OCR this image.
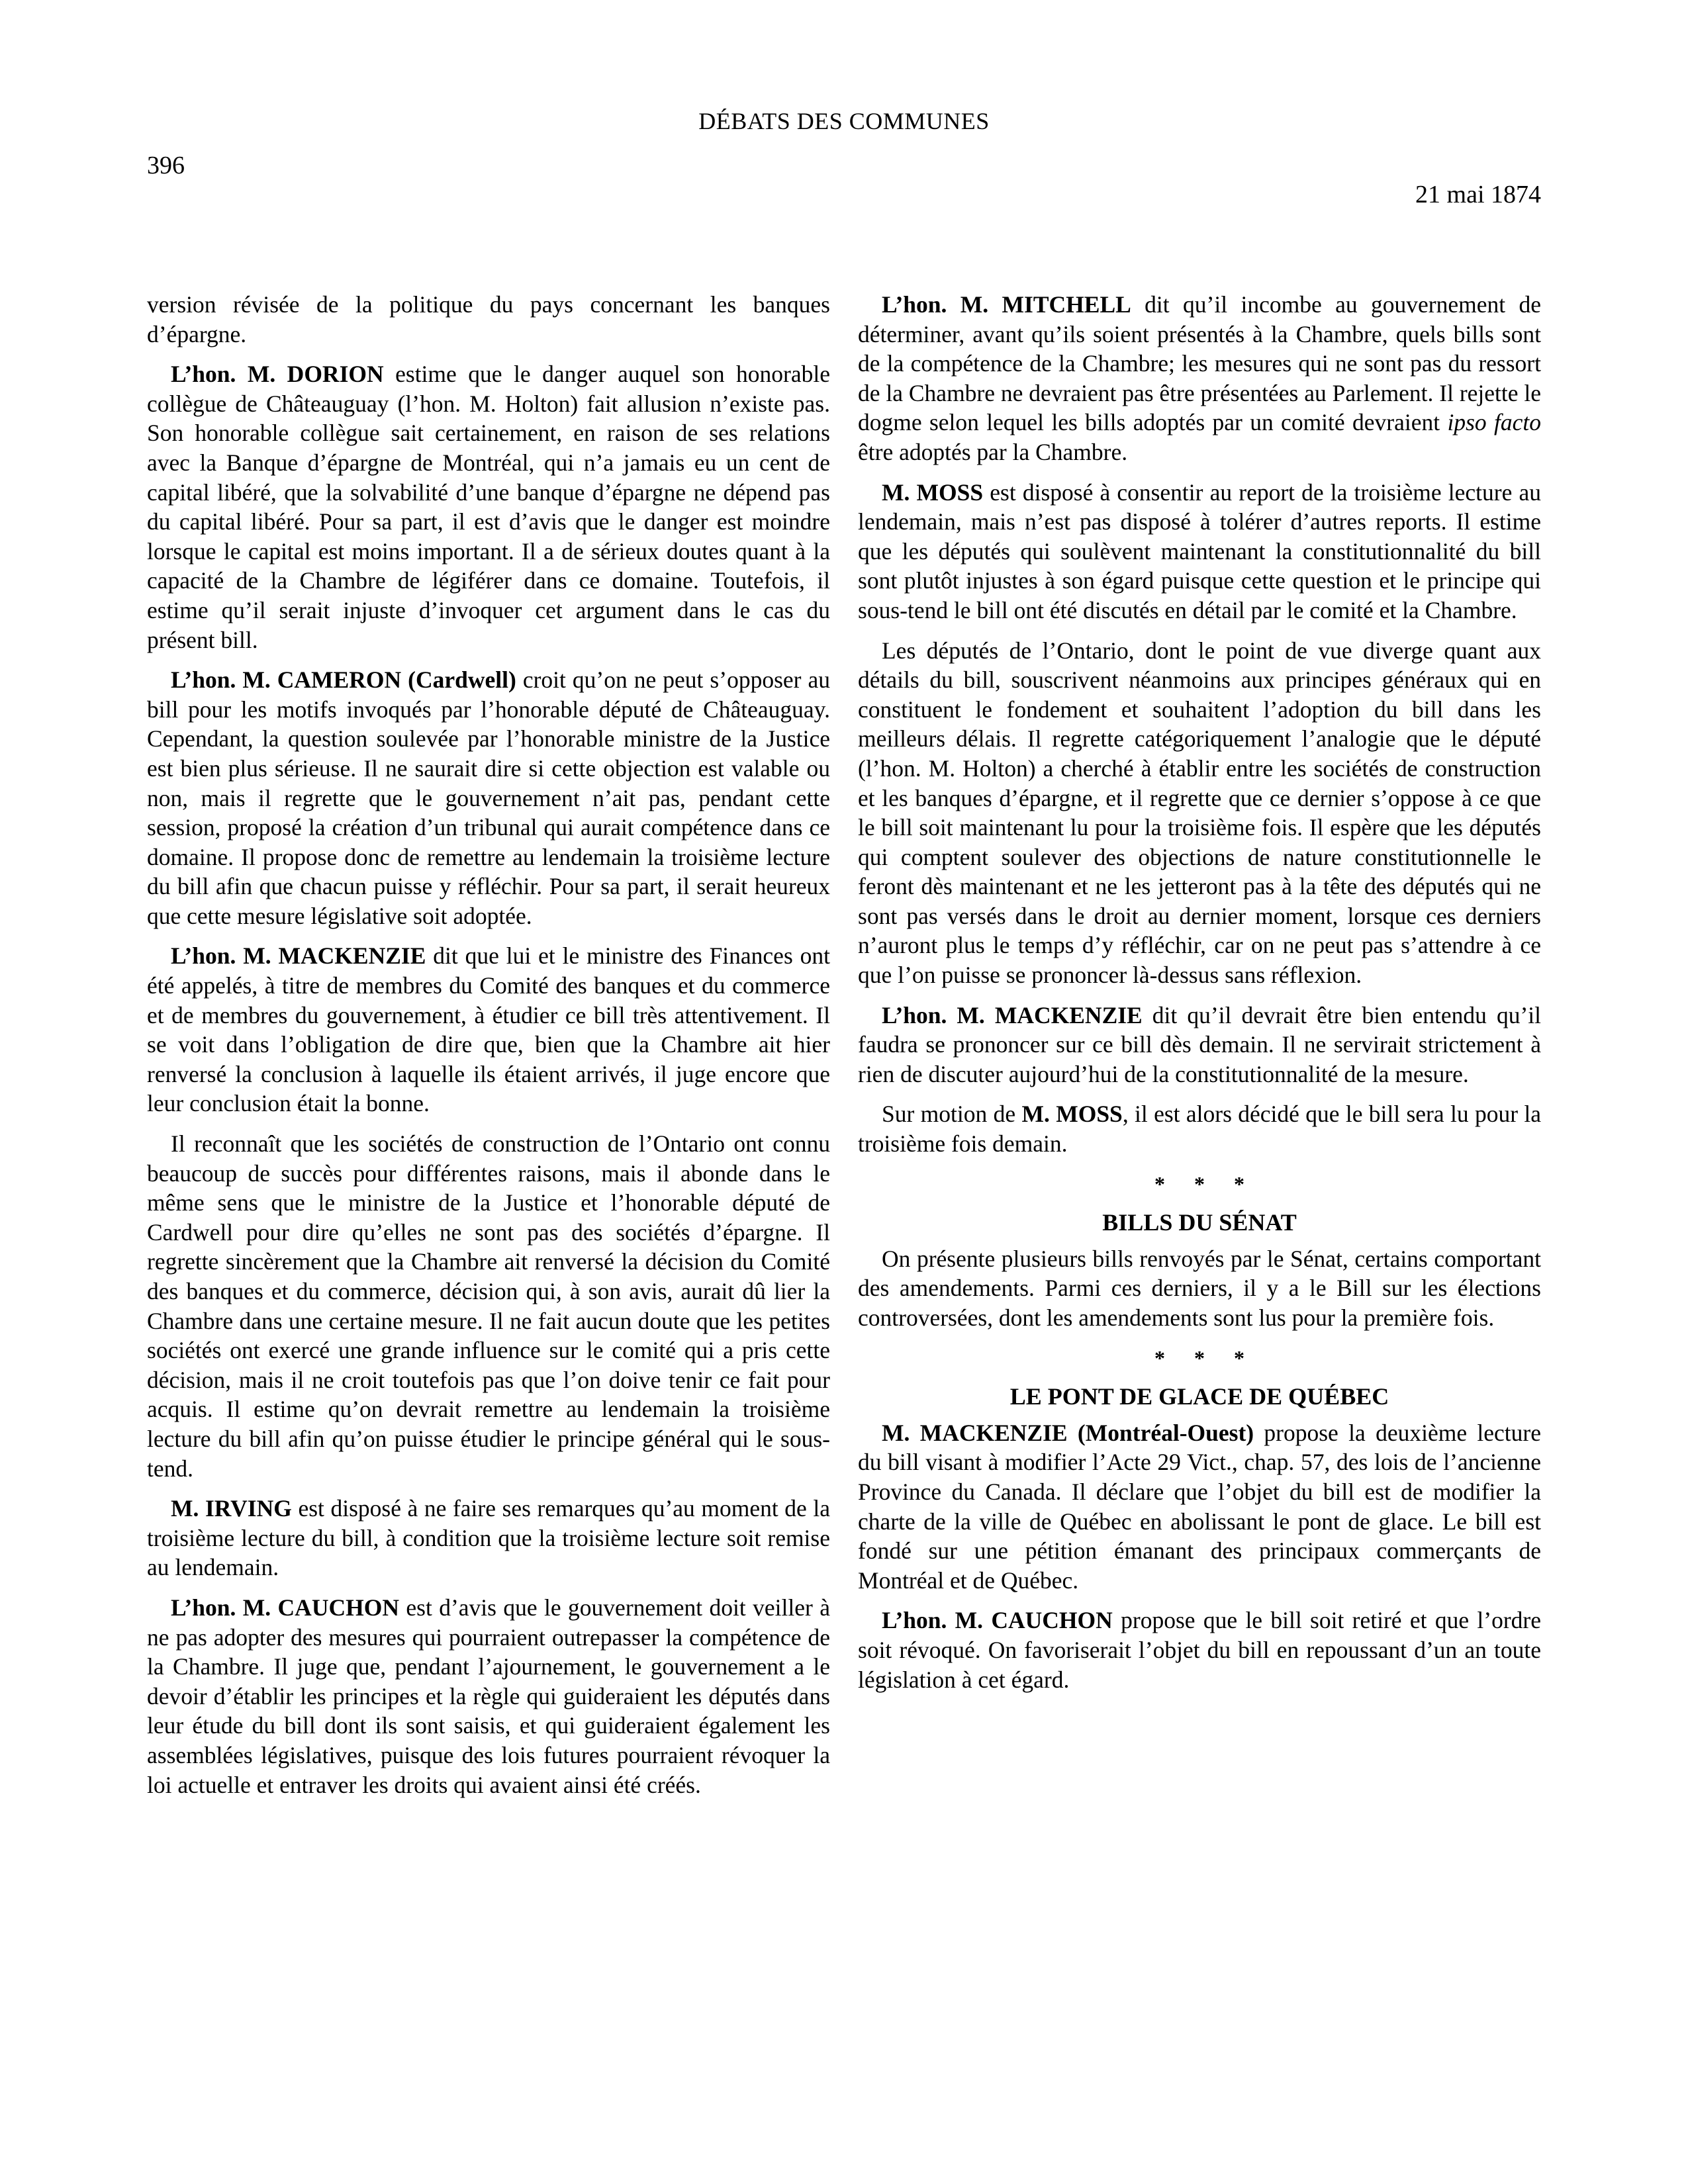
DÉBATS DES COMMUNES
396
21 mai 1874

version révisée de la politique du pays concernant les banques d’épargne.

L’hon. M. DORION estime que le danger auquel son honorable collègue de Châteauguay (l’hon. M. Holton) fait allusion n’existe pas. Son honorable collègue sait certainement, en raison de ses relations avec la Banque d’épargne de Montréal, qui n’a jamais eu un cent de capital libéré, que la solvabilité d’une banque d’épargne ne dépend pas du capital libéré. Pour sa part, il est d’avis que le danger est moindre lorsque le capital est moins important. Il a de sérieux doutes quant à la capacité de la Chambre de légiférer dans ce domaine. Toutefois, il estime qu’il serait injuste d’invoquer cet argument dans le cas du présent bill.

L’hon. M. CAMERON (Cardwell) croit qu’on ne peut s’opposer au bill pour les motifs invoqués par l’honorable député de Châteauguay. Cependant, la question soulevée par l’honorable ministre de la Justice est bien plus sérieuse. Il ne saurait dire si cette objection est valable ou non, mais il regrette que le gouvernement n’ait pas, pendant cette session, proposé la création d’un tribunal qui aurait compétence dans ce domaine. Il propose donc de remettre au lendemain la troisième lecture du bill afin que chacun puisse y réfléchir. Pour sa part, il serait heureux que cette mesure législative soit adoptée.

L’hon. M. MACKENZIE dit que lui et le ministre des Finances ont été appelés, à titre de membres du Comité des banques et du commerce et de membres du gouvernement, à étudier ce bill très attentivement. Il se voit dans l’obligation de dire que, bien que la Chambre ait hier renversé la conclusion à laquelle ils étaient arrivés, il juge encore que leur conclusion était la bonne.

Il reconnaît que les sociétés de construction de l’Ontario ont connu beaucoup de succès pour différentes raisons, mais il abonde dans le même sens que le ministre de la Justice et l’honorable député de Cardwell pour dire qu’elles ne sont pas des sociétés d’épargne. Il regrette sincèrement que la Chambre ait renversé la décision du Comité des banques et du commerce, décision qui, à son avis, aurait dû lier la Chambre dans une certaine mesure. Il ne fait aucun doute que les petites sociétés ont exercé une grande influence sur le comité qui a pris cette décision, mais il ne croit toutefois pas que l’on doive tenir ce fait pour acquis. Il estime qu’on devrait remettre au lendemain la troisième lecture du bill afin qu’on puisse étudier le principe général qui le sous-tend.

M. IRVING est disposé à ne faire ses remarques qu’au moment de la troisième lecture du bill, à condition que la troisième lecture soit remise au lendemain.

L’hon. M. CAUCHON est d’avis que le gouvernement doit veiller à ne pas adopter des mesures qui pourraient outrepasser la compétence de la Chambre. Il juge que, pendant l’ajournement, le gouvernement a le devoir d’établir les principes et la règle qui guideraient les députés dans leur étude du bill dont ils sont saisis, et qui guideraient également les assemblées législatives, puisque des lois futures pourraient révoquer la loi actuelle et entraver les droits qui avaient ainsi été créés.

L’hon. M. MITCHELL dit qu’il incombe au gouvernement de déterminer, avant qu’ils soient présentés à la Chambre, quels bills sont de la compétence de la Chambre; les mesures qui ne sont pas du ressort de la Chambre ne devraient pas être présentées au Parlement. Il rejette le dogme selon lequel les bills adoptés par un comité devraient ipso facto être adoptés par la Chambre.

M. MOSS est disposé à consentir au report de la troisième lecture au lendemain, mais n’est pas disposé à tolérer d’autres reports. Il estime que les députés qui soulèvent maintenant la constitutionnalité du bill sont plutôt injustes à son égard puisque cette question et le principe qui sous-tend le bill ont été discutés en détail par le comité et la Chambre.

Les députés de l’Ontario, dont le point de vue diverge quant aux détails du bill, souscrivent néanmoins aux principes généraux qui en constituent le fondement et souhaitent l’adoption du bill dans les meilleurs délais. Il regrette catégoriquement l’analogie que le député (l’hon. M. Holton) a cherché à établir entre les sociétés de construction et les banques d’épargne, et il regrette que ce dernier s’oppose à ce que le bill soit maintenant lu pour la troisième fois. Il espère que les députés qui comptent soulever des objections de nature constitutionnelle le feront dès maintenant et ne les jetteront pas à la tête des députés qui ne sont pas versés dans le droit au dernier moment, lorsque ces derniers n’auront plus le temps d’y réfléchir, car on ne peut pas s’attendre à ce que l’on puisse se prononcer là-dessus sans réflexion.

L’hon. M. MACKENZIE dit qu’il devrait être bien entendu qu’il faudra se prononcer sur ce bill dès demain. Il ne servirait strictement à rien de discuter aujourd’hui de la constitutionnalité de la mesure.

Sur motion de M. MOSS, il est alors décidé que le bill sera lu pour la troisième fois demain.

* * *
BILLS DU SÉNAT

On présente plusieurs bills renvoyés par le Sénat, certains comportant des amendements. Parmi ces derniers, il y a le Bill sur les élections controversées, dont les amendements sont lus pour la première fois.

* * *
LE PONT DE GLACE DE QUÉBEC

M. MACKENZIE (Montréal-Ouest) propose la deuxième lecture du bill visant à modifier l’Acte 29 Vict., chap. 57, des lois de l’ancienne Province du Canada. Il déclare que l’objet du bill est de modifier la charte de la ville de Québec en abolissant le pont de glace. Le bill est fondé sur une pétition émanant des principaux commerçants de Montréal et de Québec.

L’hon. M. CAUCHON propose que le bill soit retiré et que l’ordre soit révoqué. On favoriserait l’objet du bill en repoussant d’un an toute législation à cet égard.
